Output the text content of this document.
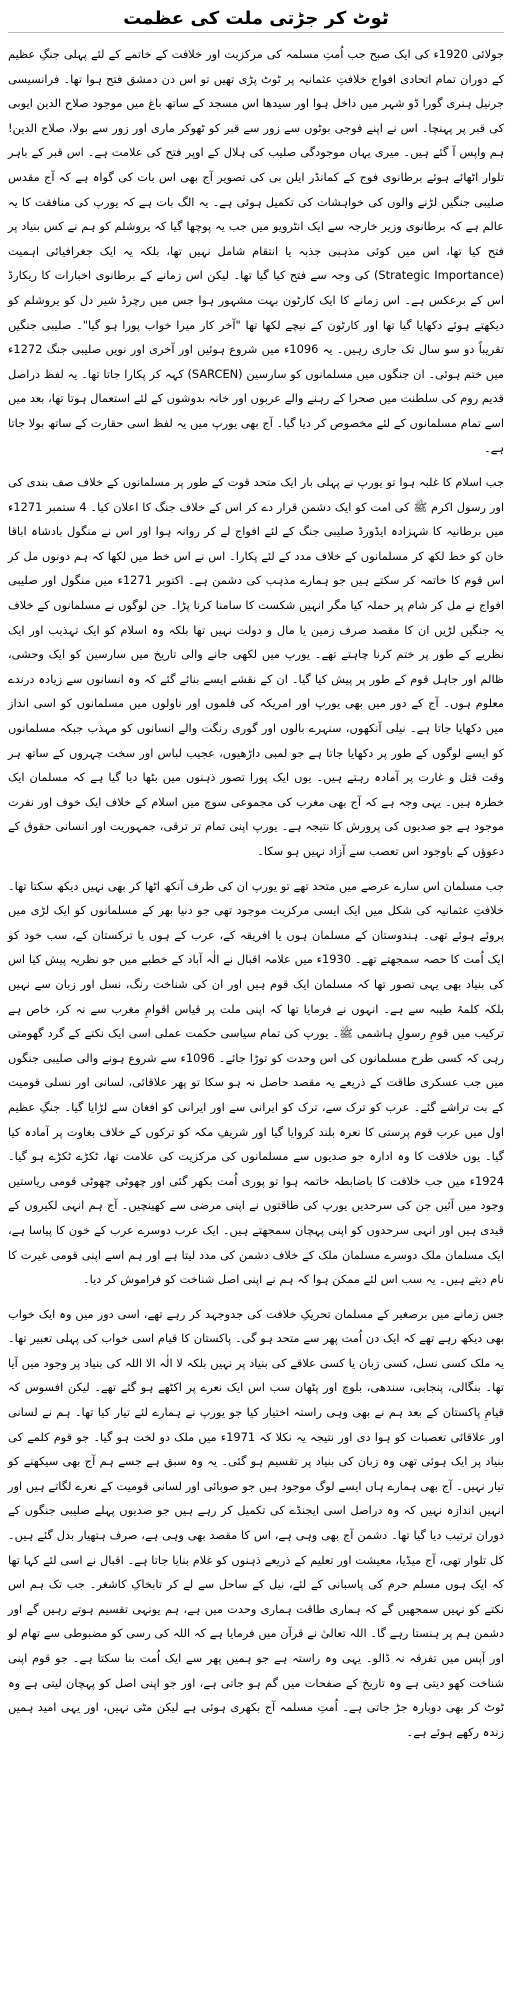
ٹوٹ کر جڑتی ملت کی عظمت

جولائی 1920ء کی ایک صبح جب اُمتِ مسلمہ کی مرکزیت اور خلافت کے خاتمے کے لئے پہلی جنگِ عظیم کے دوران تمام اتحادی افواج خلافتِ عثمانیہ پر ٹوٹ پڑی تھیں تو اس دن دمشق فتح ہوا تھا۔ فرانسیسی جرنیل ہنری گورا ڈو شہر میں داخل ہوا اور سیدھا اس مسجد کے ساتھ باغ میں موجود صلاح الدین ایوبی کی قبر پر پہنچا۔ اس نے اپنے فوجی بوٹوں سے زور سے قبر کو ٹھوکر ماری اور زور سے بولا، صلاح الدین! ہم واپس آ گئے ہیں۔ میری یہاں موجودگی صلیب کی ہلال کے اوپر فتح کی علامت ہے۔ اس قبر کے باہر تلوار اٹھائے ہوئے برطانوی فوج کے کمانڈر ایلن بی کی تصویر آج بھی اس بات کی گواہ ہے کہ آج مقدس صلیبی جنگیں لڑنے والوں کی خواہشات کی تکمیل ہوئی ہے۔ یہ الگ بات ہے کہ یورپ کی منافقت کا یہ عالم ہے کہ برطانوی وزیر خارجہ سے ایک انٹرویو میں جب یہ پوچھا گیا کہ یروشلم کو ہم نے کس بنیاد پر فتح کیا تھا، اس میں کوئی مذہبی جذبہ یا انتقام شامل نہیں تھا، بلکہ یہ ایک جغرافیائی اہمیت (Strategic Importance) کی وجہ سے فتح کیا گیا تھا۔ لیکن اس زمانے کے برطانوی اخبارات کا ریکارڈ اس کے برعکس ہے۔ اس زمانے کا ایک کارٹون بہت مشہور ہوا جس میں رچرڈ شیر دل کو یروشلم کو دیکھتے ہوئے دکھایا گیا تھا اور کارٹون کے نیچے لکھا تھا "آخر کار میرا خواب پورا ہو گیا"۔ صلیبی جنگیں تقریباً دو سو سال تک جاری رہیں۔ یہ 1096ء میں شروع ہوئیں اور آخری اور نویں صلیبی جنگ 1272ء میں ختم ہوئی۔ ان جنگوں میں مسلمانوں کو سارسین (SARCEN) کہہ کر پکارا جاتا تھا۔ یہ لفظ دراصل قدیم روم کی سلطنت میں صحرا کے رہنے والے عربوں اور خانہ بدوشوں کے لئے استعمال ہوتا تھا، بعد میں اسے تمام مسلمانوں کے لئے مخصوص کر دیا گیا۔ آج بھی یورپ میں یہ لفظ اسی حقارت کے ساتھ بولا جاتا ہے۔

جب اسلام کا غلبہ ہوا تو یورپ نے پہلی بار ایک متحد قوت کے طور پر مسلمانوں کے خلاف صف بندی کی اور رسول اکرم ﷺ کی امت کو ایک دشمن قرار دے کر اس کے خلاف جنگ کا اعلان کیا۔ 4 ستمبر 1271ء میں برطانیہ کا شہزادہ ایڈورڈ صلیبی جنگ کے لئے افواج لے کر روانہ ہوا اور اس نے منگول بادشاہ اباقا خان کو خط لکھ کر مسلمانوں کے خلاف مدد کے لئے پکارا۔ اس نے اس خط میں لکھا کہ ہم دونوں مل کر اس قوم کا خاتمہ کر سکتے ہیں جو ہمارے مذہب کی دشمن ہے۔ اکتوبر 1271ء میں منگول اور صلیبی افواج نے مل کر شام پر حملہ کیا مگر انہیں شکست کا سامنا کرنا پڑا۔ جن لوگوں نے مسلمانوں کے خلاف یہ جنگیں لڑیں ان کا مقصد صرف زمین یا مال و دولت نہیں تھا بلکہ وہ اسلام کو ایک تہذیب اور ایک نظریے کے طور پر ختم کرنا چاہتے تھے۔ یورپ میں لکھی جانے والی تاریخ میں سارسین کو ایک وحشی، ظالم اور جاہل قوم کے طور پر پیش کیا گیا۔ ان کے نقشے ایسے بنائے گئے کہ وہ انسانوں سے زیادہ درندے معلوم ہوں۔ آج کے دور میں بھی یورپ اور امریکہ کی فلموں اور ناولوں میں مسلمانوں کو اسی انداز میں دکھایا جاتا ہے۔ نیلی آنکھوں، سنہرے بالوں اور گوری رنگت والے انسانوں کو مہذب جبکہ مسلمانوں کو ایسے لوگوں کے طور پر دکھایا جاتا ہے جو لمبی داڑھیوں، عجیب لباس اور سخت چہروں کے ساتھ ہر وقت قتل و غارت پر آمادہ رہتے ہیں۔ یوں ایک پورا تصور ذہنوں میں بٹھا دیا گیا ہے کہ مسلمان ایک خطرہ ہیں۔ یہی وجہ ہے کہ آج بھی مغرب کی مجموعی سوچ میں اسلام کے خلاف ایک خوف اور نفرت موجود ہے جو صدیوں کی پرورش کا نتیجہ ہے۔ یورپ اپنی تمام تر ترقی، جمہوریت اور انسانی حقوق کے دعوؤں کے باوجود اس تعصب سے آزاد نہیں ہو سکا۔

جب مسلمان اس سارے عرصے میں متحد تھے تو یورپ ان کی طرف آنکھ اٹھا کر بھی نہیں دیکھ سکتا تھا۔ خلافتِ عثمانیہ کی شکل میں ایک ایسی مرکزیت موجود تھی جو دنیا بھر کے مسلمانوں کو ایک لڑی میں پروئے ہوئے تھی۔ ہندوستان کے مسلمان ہوں یا افریقہ کے، عرب کے ہوں یا ترکستان کے، سب خود کو ایک اُمت کا حصہ سمجھتے تھے۔ 1930ء میں علامہ اقبال نے الٰہ آباد کے خطبے میں جو نظریہ پیش کیا اس کی بنیاد بھی یہی تصور تھا کہ مسلمان ایک قوم ہیں اور ان کی شناخت رنگ، نسل اور زبان سے نہیں بلکہ کلمۂ طیبہ سے ہے۔ انہوں نے فرمایا تھا کہ اپنی ملت پر قیاس اقوامِ مغرب سے نہ کر، خاص ہے ترکیب میں قومِ رسولِ ہاشمی ﷺ۔ یورپ کی تمام سیاسی حکمت عملی اسی ایک نکتے کے گرد گھومتی رہی کہ کسی طرح مسلمانوں کی اس وحدت کو توڑا جائے۔ 1096ء سے شروع ہونے والی صلیبی جنگوں میں جب عسکری طاقت کے ذریعے یہ مقصد حاصل نہ ہو سکا تو پھر علاقائی، لسانی اور نسلی قومیت کے بت تراشے گئے۔ عرب کو ترک سے، ترک کو ایرانی سے اور ایرانی کو افغان سے لڑایا گیا۔ جنگِ عظیم اول میں عرب قوم پرستی کا نعرہ بلند کروایا گیا اور شریفِ مکہ کو ترکوں کے خلاف بغاوت پر آمادہ کیا گیا۔ یوں خلافت کا وہ ادارہ جو صدیوں سے مسلمانوں کی مرکزیت کی علامت تھا، ٹکڑے ٹکڑے ہو گیا۔ 1924ء میں جب خلافت کا باضابطہ خاتمہ ہوا تو پوری اُمت بکھر گئی اور چھوٹی چھوٹی قومی ریاستیں وجود میں آئیں جن کی سرحدیں یورپ کی طاقتوں نے اپنی مرضی سے کھینچیں۔ آج ہم انہی لکیروں کے قیدی ہیں اور انہی سرحدوں کو اپنی پہچان سمجھتے ہیں۔ ایک عرب دوسرے عرب کے خون کا پیاسا ہے، ایک مسلمان ملک دوسرے مسلمان ملک کے خلاف دشمن کی مدد لیتا ہے اور ہم اسے اپنی قومی غیرت کا نام دیتے ہیں۔ یہ سب اس لئے ممکن ہوا کہ ہم نے اپنی اصل شناخت کو فراموش کر دیا۔

جس زمانے میں برصغیر کے مسلمان تحریکِ خلافت کی جدوجہد کر رہے تھے، اسی دور میں وہ ایک خواب بھی دیکھ رہے تھے کہ ایک دن اُمت پھر سے متحد ہو گی۔ پاکستان کا قیام اسی خواب کی پہلی تعبیر تھا۔ یہ ملک کسی نسل، کسی زبان یا کسی علاقے کی بنیاد پر نہیں بلکہ لا الٰہ الا اللہ کی بنیاد پر وجود میں آیا تھا۔ بنگالی، پنجابی، سندھی، بلوچ اور پٹھان سب اس ایک نعرے پر اکٹھے ہو گئے تھے۔ لیکن افسوس کہ قیامِ پاکستان کے بعد ہم نے بھی وہی راستہ اختیار کیا جو یورپ نے ہمارے لئے تیار کیا تھا۔ ہم نے لسانی اور علاقائی تعصبات کو ہوا دی اور نتیجہ یہ نکلا کہ 1971ء میں ملک دو لخت ہو گیا۔ جو قوم کلمے کی بنیاد پر ایک ہوئی تھی وہ زبان کی بنیاد پر تقسیم ہو گئی۔ یہ وہ سبق ہے جسے ہم آج بھی سیکھنے کو تیار نہیں۔ آج بھی ہمارے ہاں ایسے لوگ موجود ہیں جو صوبائی اور لسانی قومیت کے نعرے لگاتے ہیں اور انہیں اندازہ نہیں کہ وہ دراصل اسی ایجنڈے کی تکمیل کر رہے ہیں جو صدیوں پہلے صلیبی جنگوں کے دوران ترتیب دیا گیا تھا۔ دشمن آج بھی وہی ہے، اس کا مقصد بھی وہی ہے، صرف ہتھیار بدل گئے ہیں۔ کل تلوار تھی، آج میڈیا، معیشت اور تعلیم کے ذریعے ذہنوں کو غلام بنایا جاتا ہے۔ اقبال نے اسی لئے کہا تھا کہ ایک ہوں مسلم حرم کی پاسبانی کے لئے، نیل کے ساحل سے لے کر تابخاکِ کاشغر۔ جب تک ہم اس نکتے کو نہیں سمجھیں گے کہ ہماری طاقت ہماری وحدت میں ہے، ہم یونہی تقسیم ہوتے رہیں گے اور دشمن ہم پر ہنستا رہے گا۔ اللہ تعالیٰ نے قرآن میں فرمایا ہے کہ اللہ کی رسی کو مضبوطی سے تھام لو اور آپس میں تفرقہ نہ ڈالو۔ یہی وہ راستہ ہے جو ہمیں پھر سے ایک اُمت بنا سکتا ہے۔ جو قوم اپنی شناخت کھو دیتی ہے وہ تاریخ کے صفحات میں گم ہو جاتی ہے، اور جو اپنی اصل کو پہچان لیتی ہے وہ ٹوٹ کر بھی دوبارہ جڑ جاتی ہے۔ اُمتِ مسلمہ آج بکھری ہوئی ہے لیکن مٹی نہیں، اور یہی امید ہمیں زندہ رکھے ہوئے ہے۔
